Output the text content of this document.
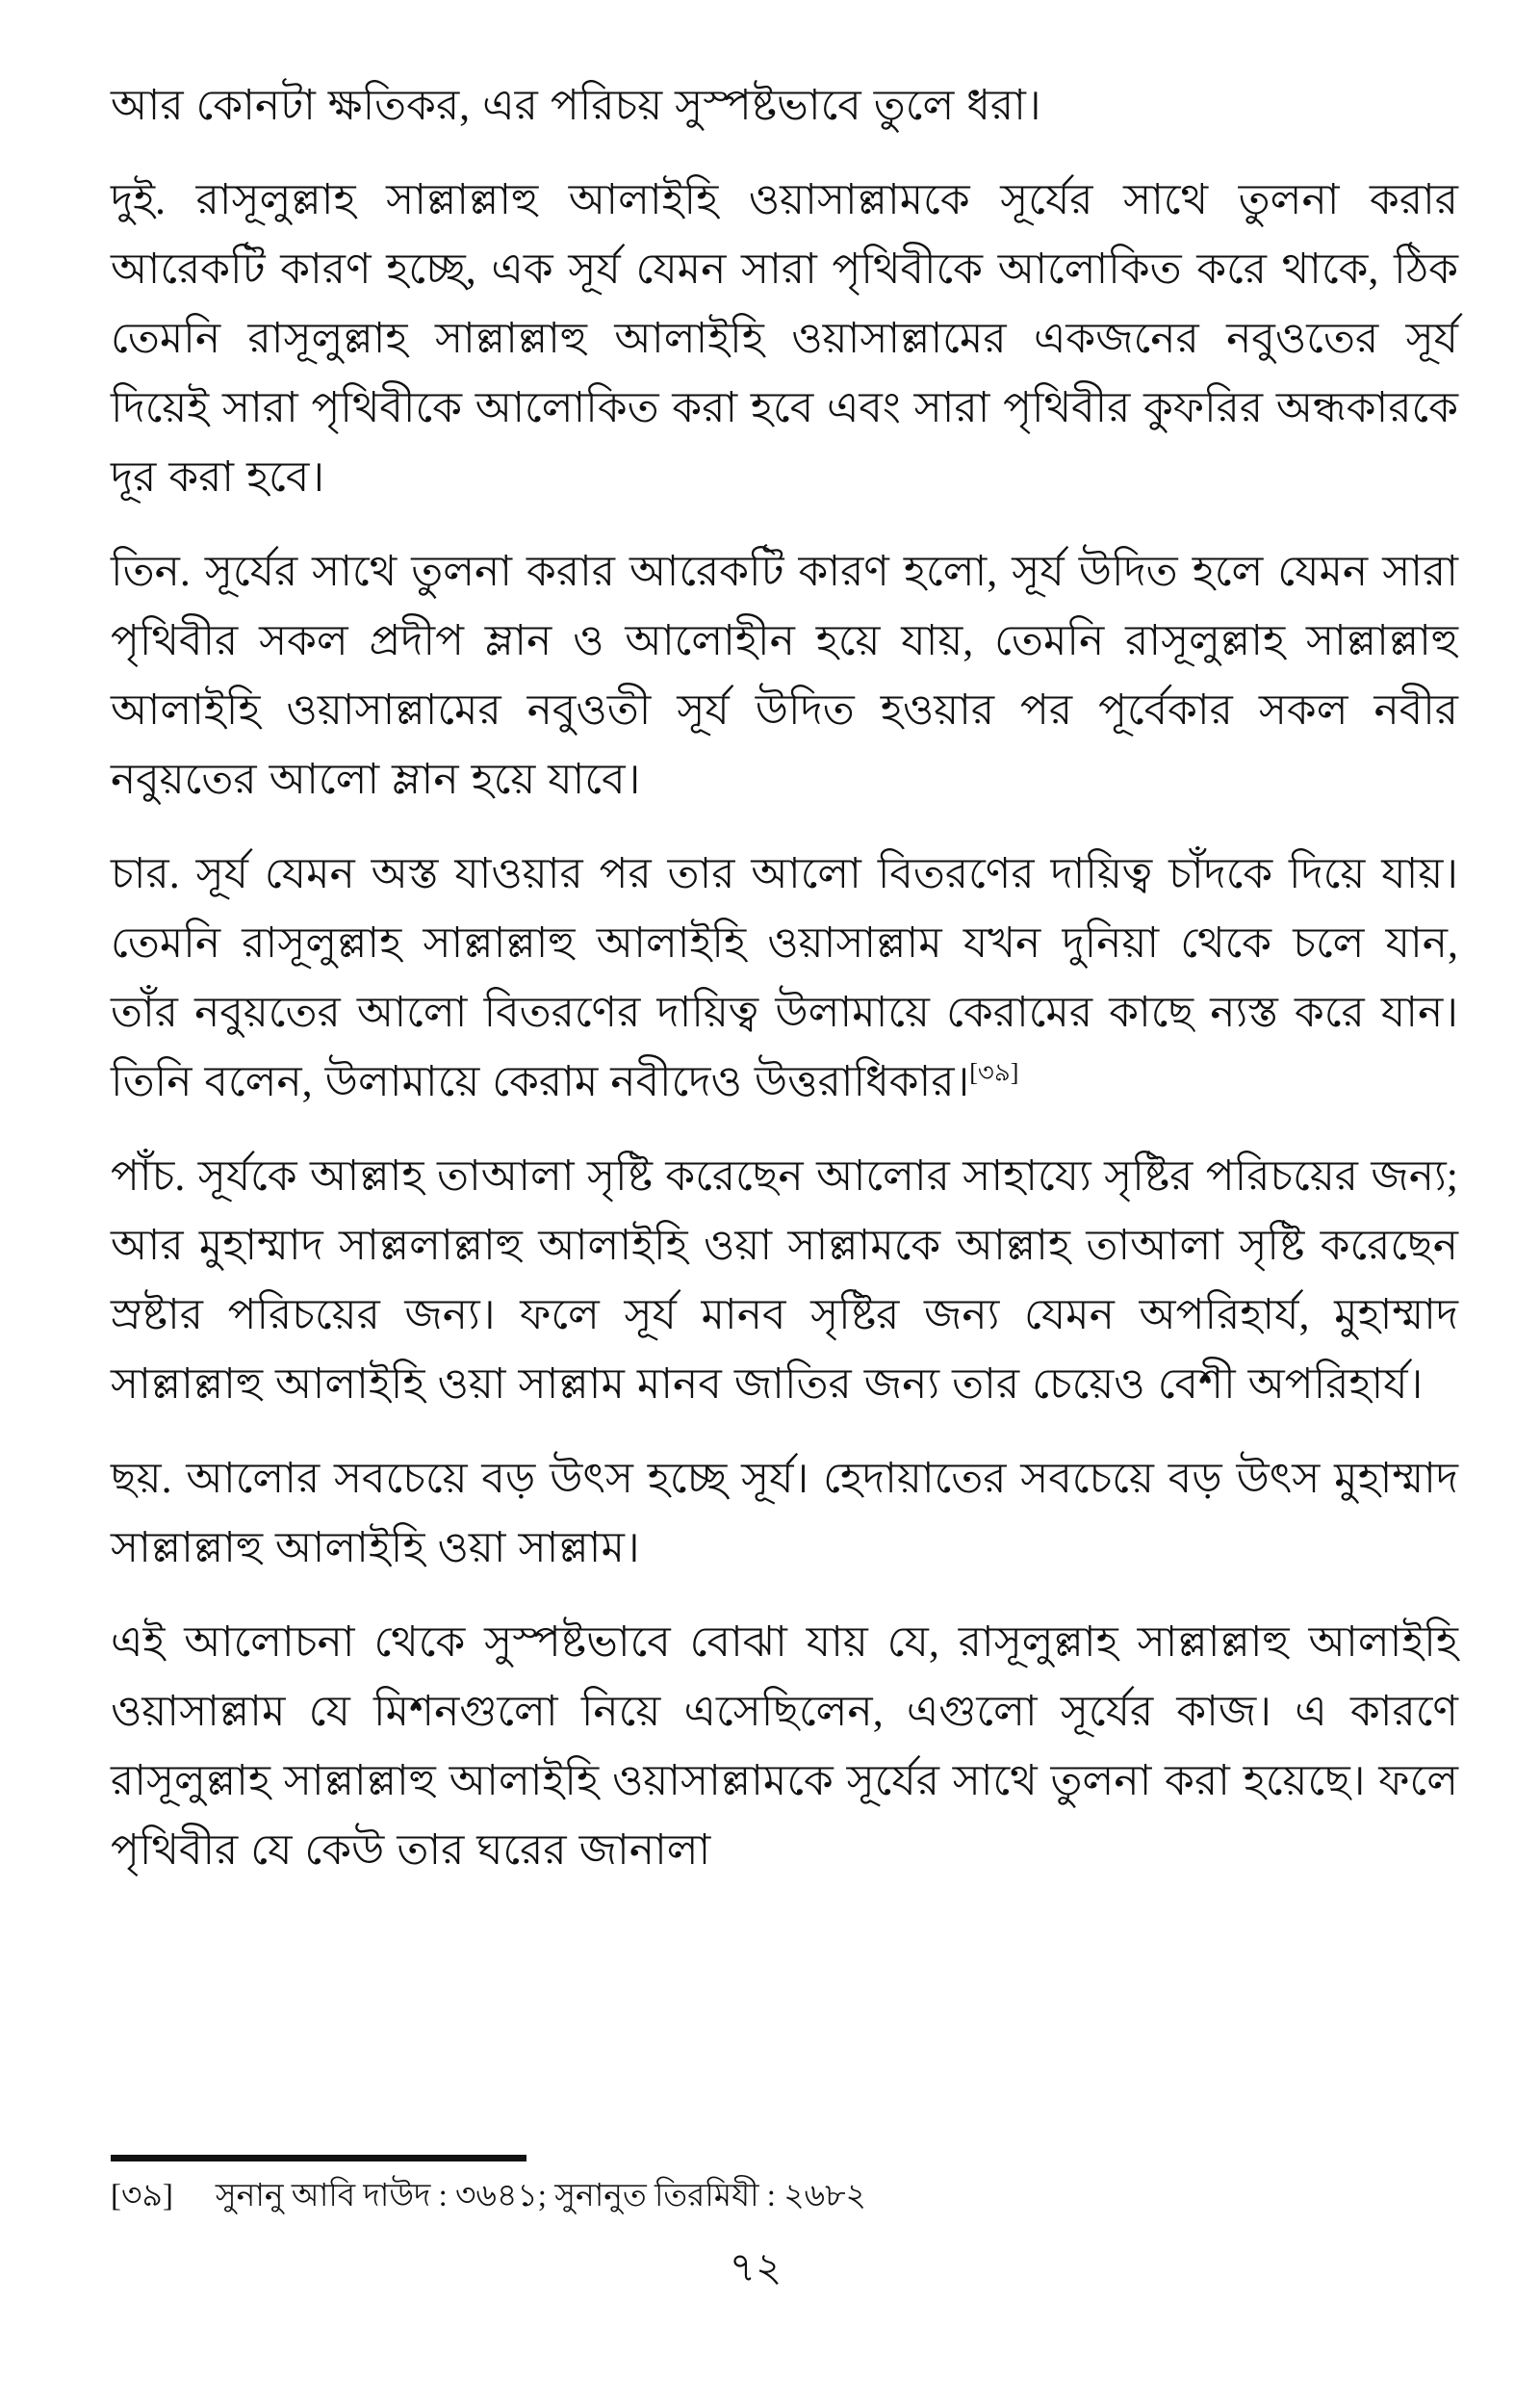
আর কোনটা ক্ষতিকর, এর পরিচয় সুস্পষ্টভাবে তুলে ধরা।

দুই. রাসূলুল্লাহ সাল্লাল্লাহু আলাইহি ওয়াসাল্লামকে সূর্যের সাথে তুলনা করার আরেকটি কারণ হচ্ছে, এক সূর্য যেমন সারা পৃথিবীকে আলোকিত করে থাকে, ঠিক তেমনি রাসূলুল্লাহ সাল্লাল্লাহু আলাইহি ওয়াসাল্লামের একজনের নবুওতের সূর্য দিয়েই সারা পৃথিবীকে আলোকিত করা হবে এবং সারা পৃথিবীর কুফরির অন্ধকারকে দূর করা হবে।

তিন. সূর্যের সাথে তুলনা করার আরেকটি কারণ হলো, সূর্য উদিত হলে যেমন সারা পৃথিবীর সকল প্রদীপ ম্লান ও আলোহীন হয়ে যায়, তেমনি রাসূলুল্লাহ সাল্লাল্লাহু আলাইহি ওয়াসাল্লামের নবুওতী সূর্য উদিত হওয়ার পর পূর্বেকার সকল নবীর নবুয়তের আলো ম্লান হয়ে যাবে।

চার. সূর্য যেমন অস্ত যাওয়ার পর তার আলো বিতরণের দায়িত্ব চাঁদকে দিয়ে যায়। তেমনি রাসূলুল্লাহ সাল্লাল্লাহু আলাইহি ওয়াসাল্লাম যখন দুনিয়া থেকে চলে যান, তাঁর নবুয়তের আলো বিতরণের দায়িত্ব উলামায়ে কেরামের কাছে ন্যস্ত করে যান। তিনি বলেন, উলামায়ে কেরাম নবীদেও উত্তরাধিকার।[৩৯]

পাঁচ. সূর্যকে আল্লাহ তাআলা সৃষ্টি করেছেন আলোর সাহায্যে সৃষ্টির পরিচয়ের জন্য; আর মুহাম্মাদ সাল্ললাল্লাহু আলাইহি ওয়া সাল্লামকে আল্লাহ তাআলা সৃষ্টি করেছেন স্রষ্টার পরিচয়ের জন্য। ফলে সূর্য মানব সৃষ্টির জন্য যেমন অপরিহার্য, মুহাম্মাদ সাল্লাল্লাহু আলাইহি ওয়া সাল্লাম মানব জাতির জন্য তার চেয়েও বেশী অপরিহার্য।

ছয়. আলোর সবচেয়ে বড় উৎস হচ্ছে সূর্য। হেদায়াতের সবচেয়ে বড় উৎস মুহাম্মাদ সাল্লাল্লাহু আলাইহি ওয়া সাল্লাম।

এই আলোচনা থেকে সুস্পষ্টভাবে বোঝা যায় যে, রাসূলুল্লাহ সাল্লাল্লাহু আলাইহি ওয়াসাল্লাম যে মিশনগুলো নিয়ে এসেছিলেন, এগুলো সূর্যের কাজ। এ কারণে রাসূলুল্লাহ সাল্লাল্লাহু আলাইহি ওয়াসাল্লামকে সূর্যের সাথে তুলনা করা হয়েছে। ফলে পৃথিবীর যে কেউ তার ঘরের জানালা

[৩৯] সুনানু আবি দাউদ : ৩৬৪১; সুনানুত তিরমিযী : ২৬৮২
৭২
